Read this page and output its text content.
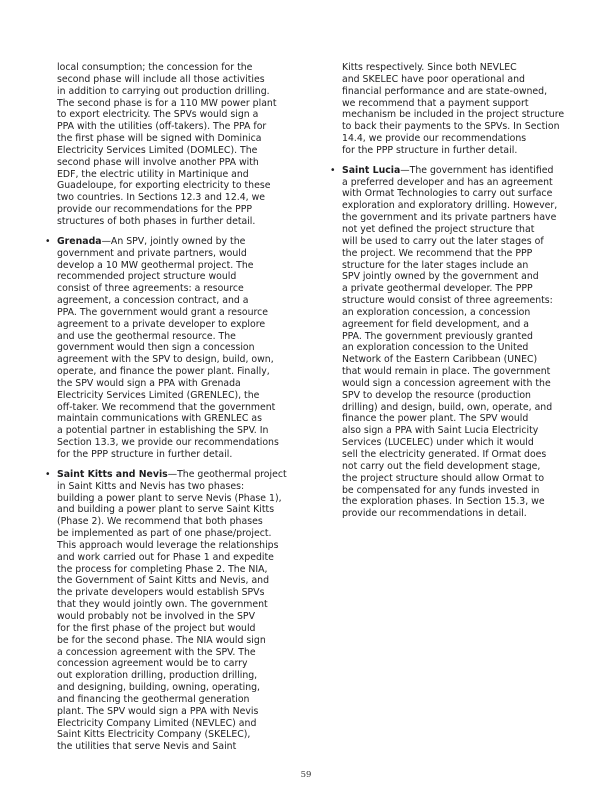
local consumption; the concession for the
second phase will include all those activities
in addition to carrying out production drilling.
The second phase is for a 110 MW power plant
to export electricity. The SPVs would sign a
PPA with the utilities (off-takers). The PPA for
the first phase will be signed with Dominica
Electricity Services Limited (DOMLEC). The
second phase will involve another PPA with
EDF, the electric utility in Martinique and
Guadeloupe, for exporting electricity to these
two countries. In Sections 12.3 and 12.4, we
provide our recommendations for the PPP
structures of both phases in further detail.

• Grenada—An SPV, jointly owned by the
government and private partners, would
develop a 10 MW geothermal project. The
recommended project structure would
consist of three agreements: a resource
agreement, a concession contract, and a
PPA. The government would grant a resource
agreement to a private developer to explore
and use the geothermal resource. The
government would then sign a concession
agreement with the SPV to design, build, own,
operate, and finance the power plant. Finally,
the SPV would sign a PPA with Grenada
Electricity Services Limited (GRENLEC), the
off-taker. We recommend that the government
maintain communications with GRENLEC as
a potential partner in establishing the SPV. In
Section 13.3, we provide our recommendations
for the PPP structure in further detail.
• Saint Kitts and Nevis—The geothermal project
in Saint Kitts and Nevis has two phases:
building a power plant to serve Nevis (Phase 1),
and building a power plant to serve Saint Kitts
(Phase 2). We recommend that both phases
be implemented as part of one phase/project.
This approach would leverage the relationships
and work carried out for Phase 1 and expedite
the process for completing Phase 2. The NIA,
the Government of Saint Kitts and Nevis, and
the private developers would establish SPVs
that they would jointly own. The government
would probably not be involved in the SPV
for the first phase of the project but would
be for the second phase. The NIA would sign
a concession agreement with the SPV. The
concession agreement would be to carry
out exploration drilling, production drilling,
and designing, building, owning, operating,
and financing the geothermal generation
plant. The SPV would sign a PPA with Nevis
Electricity Company Limited (NEVLEC) and
Saint Kitts Electricity Company (SKELEC),
the utilities that serve Nevis and Saint

Kitts respectively. Since both NEVLEC
and SKELEC have poor operational and
financial performance and are state-owned,
we recommend that a payment support
mechanism be included in the project structure
to back their payments to the SPVs. In Section
14.4, we provide our recommendations
for the PPP structure in further detail.

• Saint Lucia—The government has identified
a preferred developer and has an agreement
with Ormat Technologies to carry out surface
exploration and exploratory drilling. However,
the government and its private partners have
not yet defined the project structure that
will be used to carry out the later stages of
the project. We recommend that the PPP
structure for the later stages include an
SPV jointly owned by the government and
a private geothermal developer. The PPP
structure would consist of three agreements:
an exploration concession, a concession
agreement for field development, and a
PPA. The government previously granted
an exploration concession to the United
Network of the Eastern Caribbean (UNEC)
that would remain in place. The government
would sign a concession agreement with the
SPV to develop the resource (production
drilling) and design, build, own, operate, and
finance the power plant. The SPV would
also sign a PPA with Saint Lucia Electricity
Services (LUCELEC) under which it would
sell the electricity generated. If Ormat does
not carry out the field development stage,
the project structure should allow Ormat to
be compensated for any funds invested in
the exploration phases. In Section 15.3, we
provide our recommendations in detail.
59
